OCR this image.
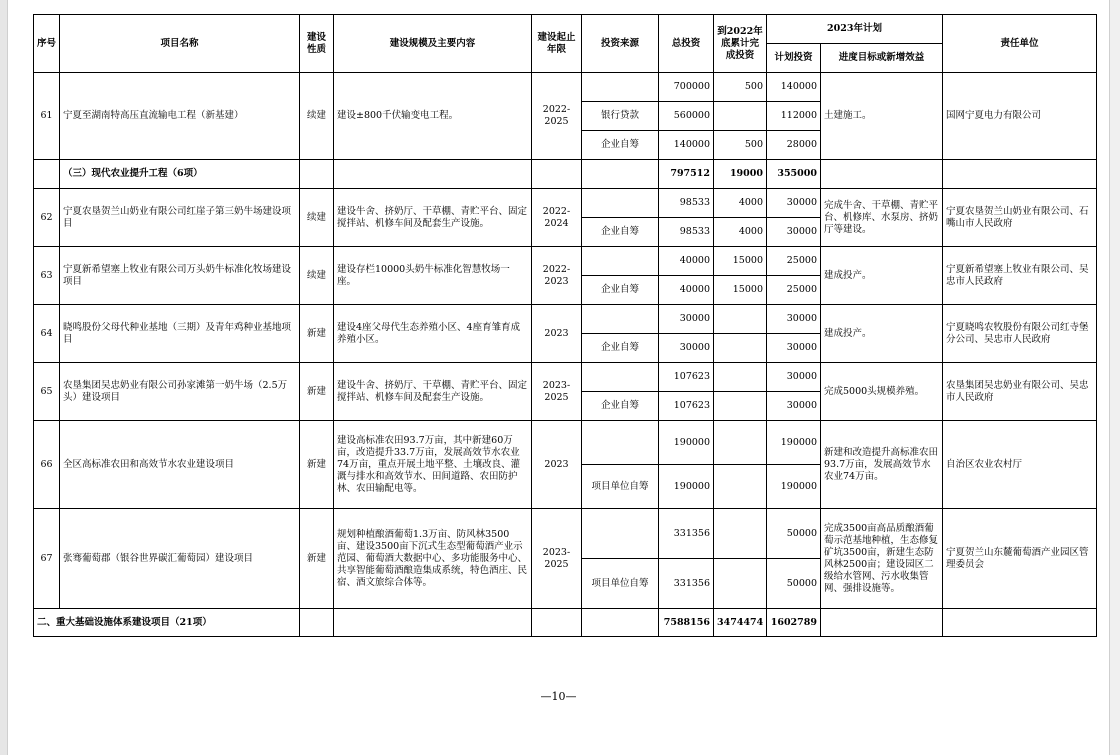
序号	项目名称	建设性质	建设规模及主要内容	建设起止年限	投资来源	总投资	到2022年底累计完成投资	2023年计划		责任单位
								计划投资	进度目标或新增效益	
61	宁夏至湖南特高压直流输电工程（新基建）	续建	建设±800千伏输变电工程。	2022-2025		700000	500	140000	土建施工。	国网宁夏电力有限公司
					银行贷款	560000		112000		
					企业自筹	140000	500	28000		
	（三）现代农业提升工程（6项）					797512	19000	355000		
62	宁夏农垦贺兰山奶业有限公司红崖子第三奶牛场建设项目	续建	建设牛舍、挤奶厅、干草棚、青贮平台、固定搅拌站、机修车间及配套生产设施。	2022-2024		98533	4000	30000	完成牛舍、干草棚、青贮平台、机修库、水泵房、挤奶厅等建设。	宁夏农垦贺兰山奶业有限公司、石嘴山市人民政府
					企业自筹	98533	4000	30000		
63	宁夏新希望塞上牧业有限公司万头奶牛标准化牧场建设项目	续建	建设存栏10000头奶牛标准化智慧牧场一座。	2022-2023		40000	15000	25000	建成投产。	宁夏新希望塞上牧业有限公司、吴忠市人民政府
					企业自筹	40000	15000	25000		
64	晓鸣股份父母代种业基地（三期）及青年鸡种业基地项目	新建	建设4座父母代生态养殖小区、4座育雏育成养殖小区。	2023		30000		30000	建成投产。	宁夏晓鸣农牧股份有限公司红寺堡分公司、吴忠市人民政府
					企业自筹	30000		30000		
65	农垦集团吴忠奶业有限公司孙家滩第一奶牛场（2.5万头）建设项目	新建	建设牛舍、挤奶厅、干草棚、青贮平台、固定搅拌站、机修车间及配套生产设施。	2023-2025		107623		30000	完成5000头规模养殖。	农垦集团吴忠奶业有限公司、吴忠市人民政府
					企业自筹	107623		30000		
66	全区高标准农田和高效节水农业建设项目	新建	建设高标准农田93.7万亩，其中新建60万亩，改造提升33.7万亩，发展高效节水农业74万亩，重点开展土地平整、土壤改良、灌溉与排水和高效节水、田间道路、农田防护林、农田输配电等。	2023		190000		190000	新建和改造提升高标准农田93.7万亩，发展高效节水农业74万亩。	自治区农业农村厅
					项目单位自筹	190000		190000		
67	张骞葡萄郡（银谷世界碳汇葡萄园）建设项目	新建	规划种植酿酒葡萄1.3万亩、防风林3500亩、建设3500亩下沉式生态型葡萄酒产业示范园、葡萄酒大数据中心、多功能服务中心、共享智能葡萄酒酿造集成系统，特色酒庄、民宿、酒文旅综合体等。	2023-2025		331356		50000	完成3500亩高品质酿酒葡萄示范基地种植，生态修复矿坑3500亩，新建生态防风林2500亩；建设园区二级给水管网、污水收集管网、强排设施等。	宁夏贺兰山东麓葡萄酒产业园区管理委员会
					项目单位自筹	331356		50000		
二、重大基础设施体系建设项目（21项）						7588156	3474474	1602789		
—10—
